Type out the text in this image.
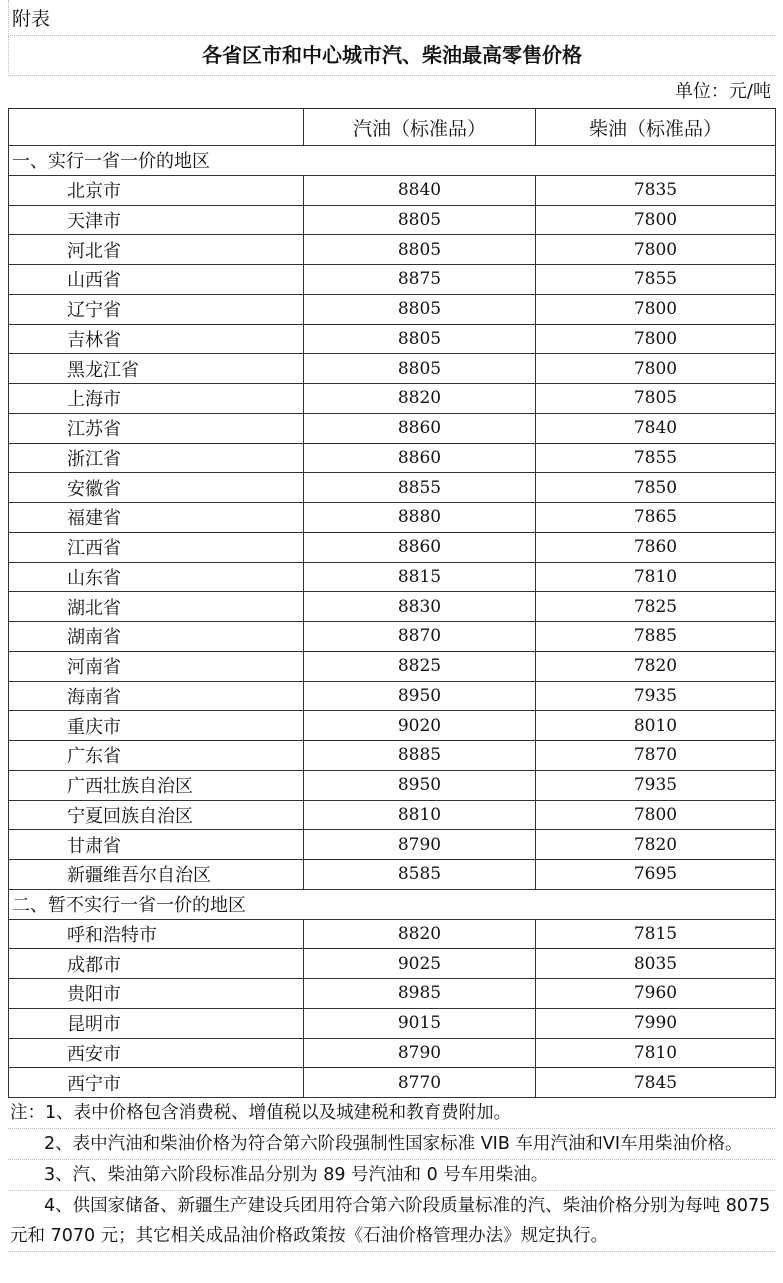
附表
各省区市和中心城市汽、柴油最高零售价格
单位：元/吨
	汽油（标准品）	柴油（标准品）
一、实行一省一价的地区		
北京市	8840	7835
天津市	8805	7800
河北省	8805	7800
山西省	8875	7855
辽宁省	8805	7800
吉林省	8805	7800
黑龙江省	8805	7800
上海市	8820	7805
江苏省	8860	7840
浙江省	8860	7855
安徽省	8855	7850
福建省	8880	7865
江西省	8860	7860
山东省	8815	7810
湖北省	8830	7825
湖南省	8870	7885
河南省	8825	7820
海南省	8950	7935
重庆市	9020	8010
广东省	8885	7870
广西壮族自治区	8950	7935
宁夏回族自治区	8810	7800
甘肃省	8790	7820
新疆维吾尔自治区	8585	7695
二、暂不实行一省一价的地区		
呼和浩特市	8820	7815
成都市	9025	8035
贵阳市	8985	7960
昆明市	9015	7990
西安市	8790	7810
西宁市	8770	7845
注：1、表中价格包含消费税、增值税以及城建税和教育费附加。
2、表中汽油和柴油价格为符合第六阶段强制性国家标准 VIB 车用汽油和VI车用柴油价格。
3、汽、柴油第六阶段标准品分别为 89 号汽油和 0 号车用柴油。
4、供国家储备、新疆生产建设兵团用符合第六阶段质量标准的汽、柴油价格分别为每吨 8075 元和 7070 元；其它相关成品油价格政策按《石油价格管理办法》规定执行。
